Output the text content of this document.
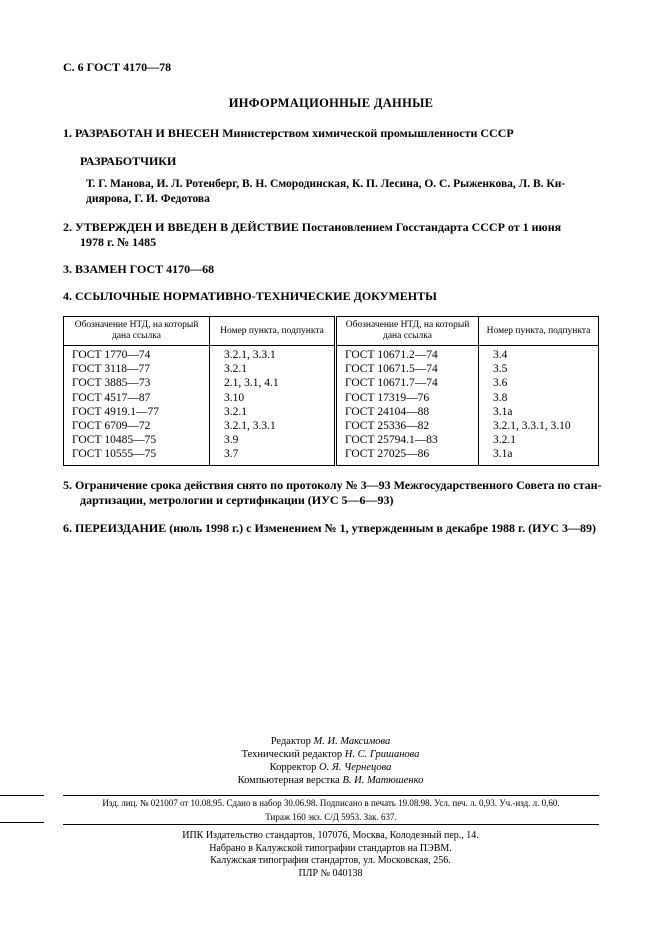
С. 6 ГОСТ 4170—78
ИНФОРМАЦИОННЫЕ ДАННЫЕ

1. РАЗРАБОТАН И ВНЕСЕН Министерством химической промышленности СССР

РАЗРАБОТЧИКИ
Т. Г. Манова, И. Л. Ротенберг, В. Н. Смородинская, К. П. Лесина, О. С. Рыженкова, Л. В. Ки-
диярова, Г. И. Федотова

2. УТВЕРЖДЕН И ВВЕДЕН В ДЕЙСТВИЕ Постановлением Госстандарта СССР от 1 июня
1978 г. № 1485

3. ВЗАМЕН ГОСТ 4170—68

4. ССЫЛОЧНЫЕ НОРМАТИВНО-ТЕХНИЧЕСКИЕ ДОКУМЕНТЫ

Обозначение НТД, на который дана ссылка	Номер пункта, подпункта	Обозначение НТД, на который дана ссылка	Номер пункта, подпункта
ГОСТ 1770—74	3.2.1, 3.3.1	ГОСТ 10671.2—74	3.4
ГОСТ 3118—77	3.2.1	ГОСТ 10671.5—74	3.5
ГОСТ 3885—73	2.1, 3.1, 4.1	ГОСТ 10671.7—74	3.6
ГОСТ 4517—87	3.10	ГОСТ 17319—76	3.8
ГОСТ 4919.1—77	3.2.1	ГОСТ 24104—88	3.1а
ГОСТ 6709—72	3.2.1, 3.3.1	ГОСТ 25336—82	3.2.1, 3.3.1, 3.10
ГОСТ 10485—75	3.9	ГОСТ 25794.1—83	3.2.1
ГОСТ 10555—75	3.7	ГОСТ 27025—86	3.1а

5. Ограничение срока действия снято по протоколу № 3—93 Межгосударственного Совета по стан-
дартизации, метрологии и сертификации (ИУС 5—6—93)

6. ПЕРЕИЗДАНИЕ (июль 1998 г.) с Изменением № 1, утвержденным в декабре 1988 г. (ИУС 3—89)

Редактор М. И. Максимова
Технический редактор Н. С. Гришанова
Корректор О. Я. Чернецова
Компьютерная верстка В. И. Матюшенко
Изд. лиц. № 021007 от 10.08.95. Сдано в набор 30.06.98. Подписано в печать 19.08.98. Усл. печ. л. 0,93. Уч.-изд. л. 0,60.
Тираж 160 экз. С/Д 5953. Зак. 637.
ИПК Издательство стандартов, 107076, Москва, Колодезный пер., 14.
Набрано в Калужской типографии стандартов на ПЭВМ.
Калужская типография стандартов, ул. Московская, 256.
ПЛР № 040138
